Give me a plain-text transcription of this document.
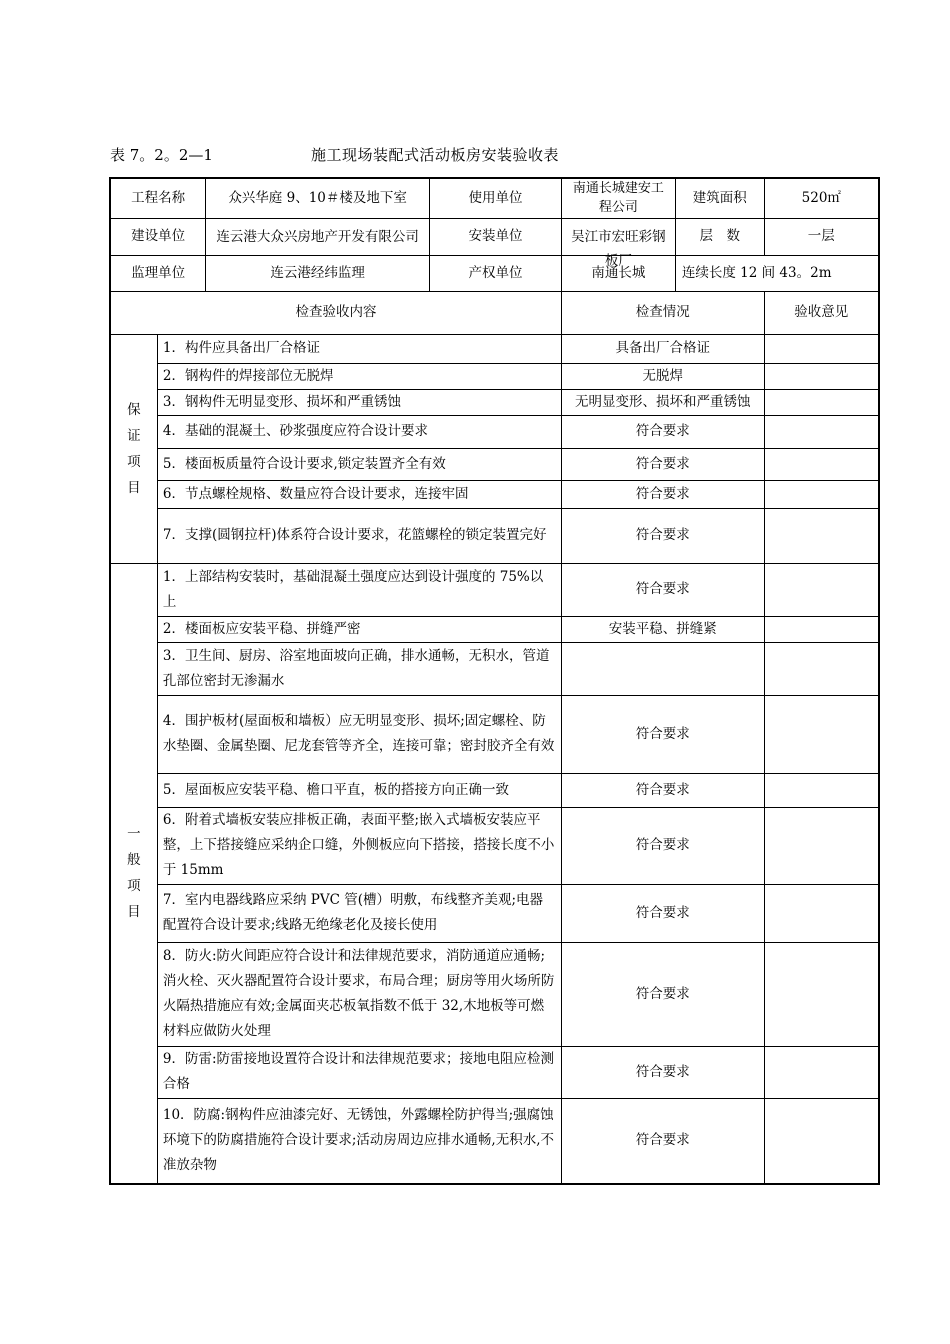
表 7。2。2—1	施工现场装配式活动板房安装验收表
工程名称		众兴华庭 9、10＃楼及地下室	使用单位	南通长城建安工程公司	建筑面积	520㎡
建设单位		连云港大众兴房地产开发有限公司	安装单位	吴江市宏旺彩钢板厂	层　数	一层
监理单位		连云港经纬监理	产权单位	南通长城	连续长度 12 间 43。2m	
检查验收内容				检查情况		验收意见

保
证
项
目	1．构件应具备出厂合格证			具备出厂合格证		
	2．钢构件的焊接部位无脱焊			无脱焊		
	3．钢构件无明显变形、损坏和严重锈蚀			无明显变形、损坏和严重锈蚀		
	4．基础的混凝土、砂浆强度应符合设计要求			符合要求		
	5．楼面板质量符合设计要求,锁定装置齐全有效			符合要求		
	6．节点螺栓规格、数量应符合设计要求，连接牢固			符合要求		
	7．支撑(圆钢拉杆)体系符合设计要求，花篮螺栓的锁定装置完好			符合要求		

一
般
项
目	1．上部结构安装时，基础混凝土强度应达到设计强度的 75%以上			符合要求		
	2．楼面板应安装平稳、拼缝严密			安装平稳、拼缝紧		
	3．卫生间、厨房、浴室地面坡向正确，排水通畅，无积水，管道孔部位密封无渗漏水					
	4．围护板材(屋面板和墙板）应无明显变形、损坏;固定螺栓、防水垫圈、金属垫圈、尼龙套管等齐全，连接可靠；密封胶齐全有效			符合要求		
	5．屋面板应安装平稳、檐口平直，板的搭接方向正确一致			符合要求		
	6．附着式墙板安装应排板正确，表面平整;嵌入式墙板安装应平整，上下搭接缝应采纳企口缝，外侧板应向下搭接，搭接长度不小于 15mm			符合要求		
	7．室内电器线路应采纳 PVC 管(槽）明敷，布线整齐美观;电器配置符合设计要求;线路无绝缘老化及接长使用			符合要求		
	8．防火:防火间距应符合设计和法律规范要求，消防通道应通畅;消火栓、灭火器配置符合设计要求，布局合理；厨房等用火场所防火隔热措施应有效;金属面夹芯板氧指数不低于 32,木地板等可燃材料应做防火处理			符合要求		
	9．防雷:防雷接地设置符合设计和法律规范要求；接地电阻应检测合格			符合要求		
	10．防腐:钢构件应油漆完好、无锈蚀，外露螺栓防护得当;强腐蚀环境下的防腐措施符合设计要求;活动房周边应排水通畅,无积水,不准放杂物			符合要求		
